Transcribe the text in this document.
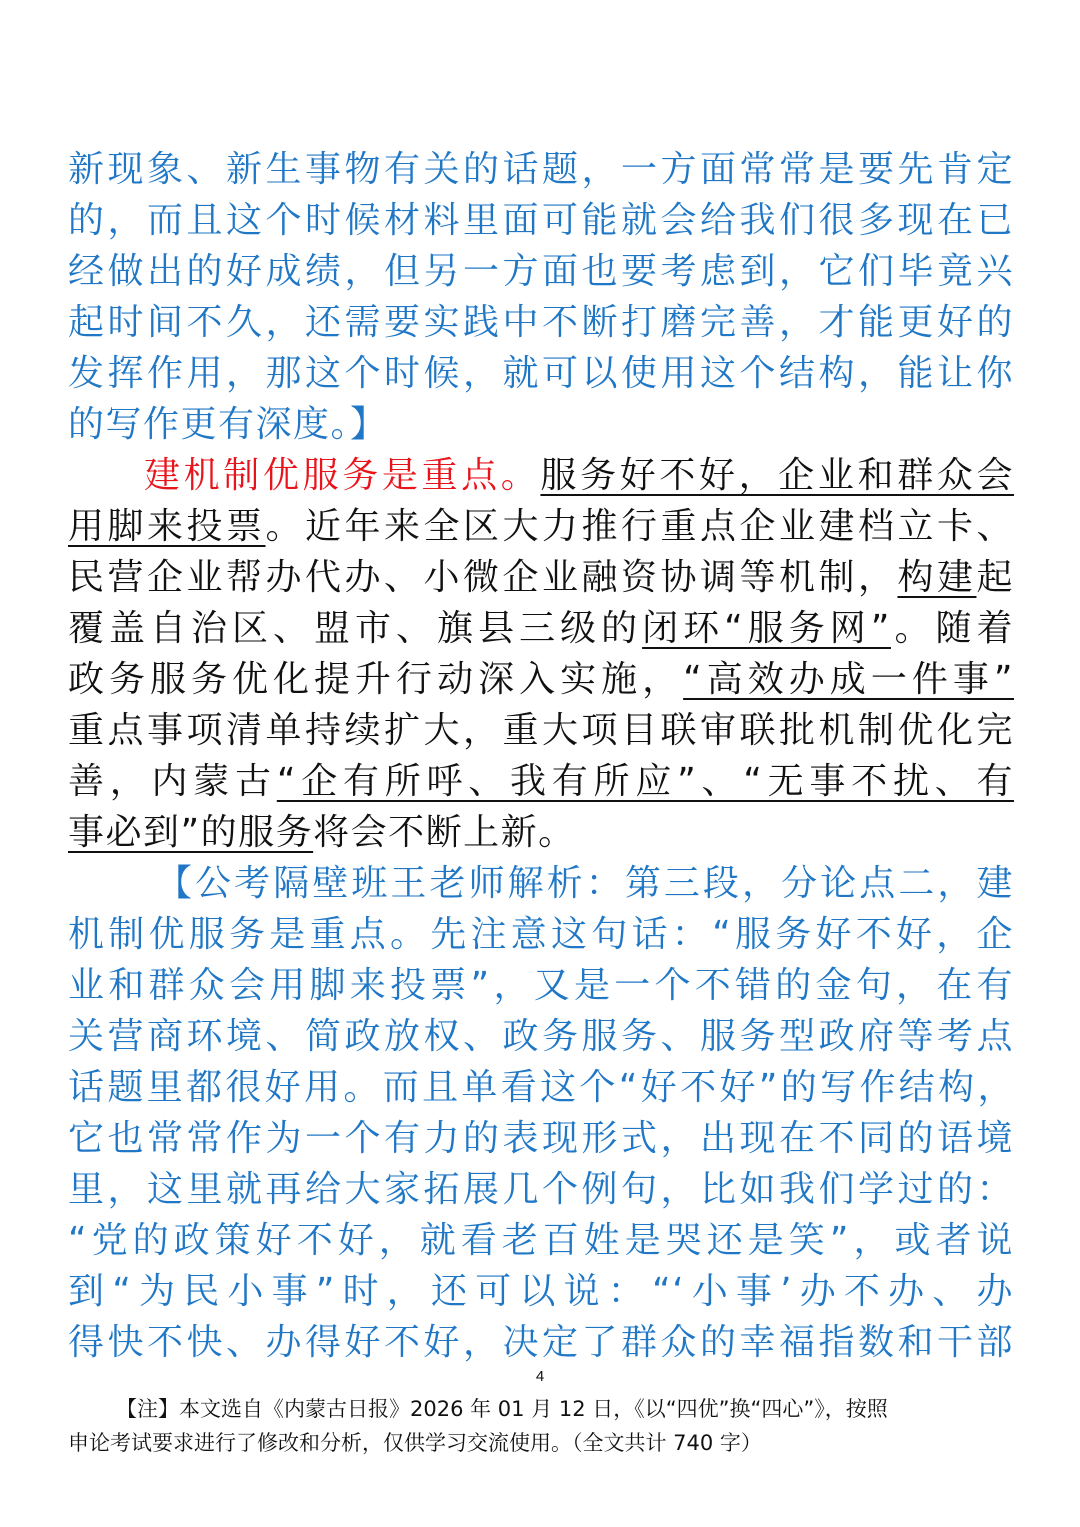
新现象、新生事物有关的话题，一方面常常是要先肯定
的，而且这个时候材料里面可能就会给我们很多现在已
经做出的好成绩，但另一方面也要考虑到，它们毕竟兴
起时间不久，还需要实践中不断打磨完善，才能更好的
发挥作用，那这个时候，就可以使用这个结构，能让你
的写作更有深度。】
建机制优服务是重点。服务好不好，企业和群众会
用脚来投票。近年来全区大力推行重点企业建档立卡、
民营企业帮办代办、小微企业融资协调等机制，构建起
覆盖自治区、盟市、旗县三级的闭环“服务网”。随着
政务服务优化提升行动深入实施，“高效办成一件事”
重点事项清单持续扩大，重大项目联审联批机制优化完
善，内蒙古“企有所呼、我有所应”、“无事不扰、有
事必到”的服务将会不断上新。
【公考隔壁班王老师解析：第三段，分论点二，建
机制优服务是重点。先注意这句话：“服务好不好，企
业和群众会用脚来投票”，又是一个不错的金句，在有
关营商环境、简政放权、政务服务、服务型政府等考点
话题里都很好用。而且单看这个“好不好”的写作结构，
它也常常作为一个有力的表现形式，出现在不同的语境
里，这里就再给大家拓展几个例句，比如我们学过的：
“党的政策好不好，就看老百姓是哭还是笑”，或者说
到“为民小事”时，还可以说：“‘小事’办不办、办
得快不快、办得好不好，决定了群众的幸福指数和干部
4
【注】本文选自《内蒙古日报》2026 年 01 月 12 日，《以“四优”换“四心”》，按照
申论考试要求进行了修改和分析，仅供学习交流使用。（全文共计 740 字）
